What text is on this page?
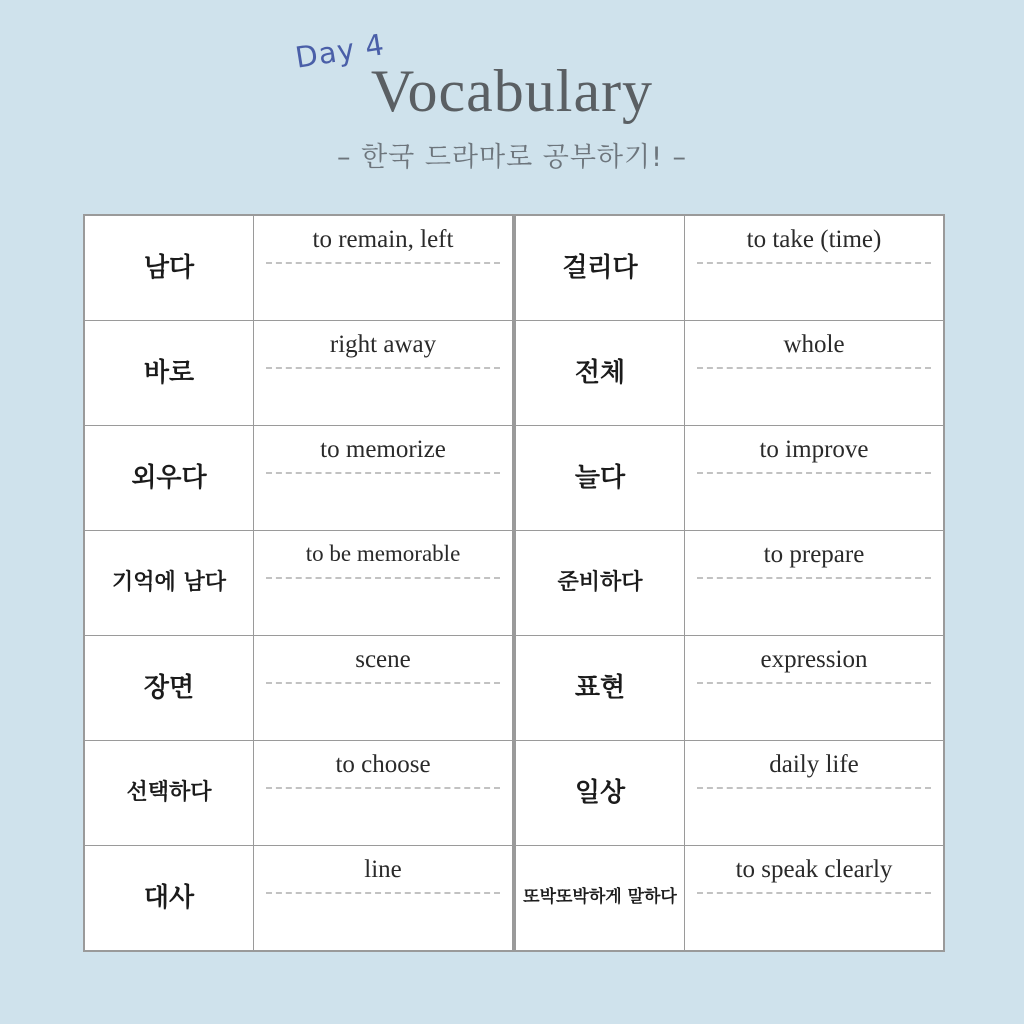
Day 4
Vocabulary
– 한국 드라마로 공부하기! –
남다	to remain, left

바로	right away

외우다	to memorize

기억에 남다	to be memorable

장면	scene

선택하다	to choose

대사	line
걸리다	to take (time)

전체	whole

늘다	to improve

준비하다	to prepare

표현	expression

일상	daily life

또박또박하게 말하다	to speak clearly
